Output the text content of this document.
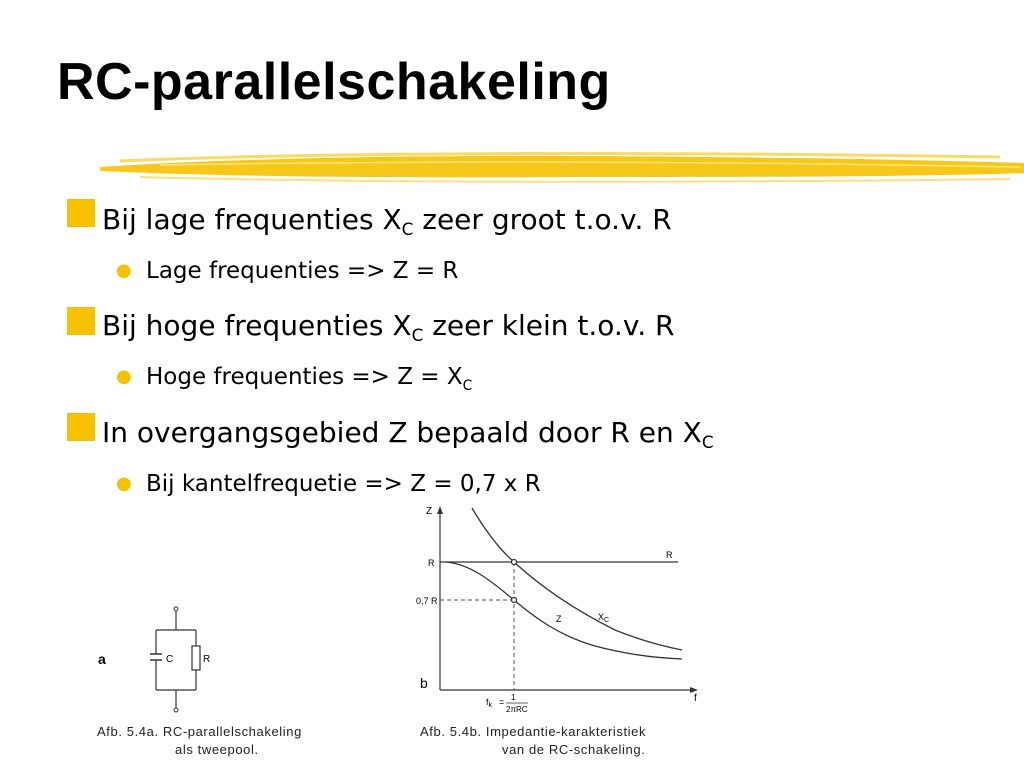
RC-parallelschakeling
Bij lage frequenties $X_C$ zeer groot t.o.v. R
● Lage frequenties => Z = R
Bij hoge frequenties $X_C$ zeer klein t.o.v. R
● Hoge frequenties => $Z = X_C$
In overgangsgebied Z bepaald door R en $X_C$
● Bij kantelfrequetie => Z = 0,7 x R
a	C	R
Afb. 5.4a. RC-parallelschakeling
als tweepool.
Z
f
R
R
0,7 R
Z	$X_C$
b
$f_k = 1$
2πRC
Afb. 5.4b. Impedantie-karakteristiek
van de RC-schakeling.
